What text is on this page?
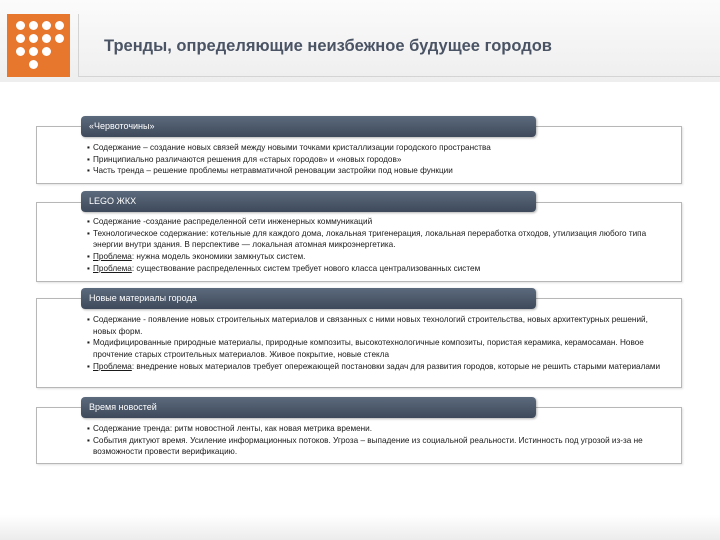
Тренды, определяющие неизбежное будущее городов
«Червоточины»
▪ Содержание – создание новых связей между новыми точками кристаллизации городского пространства
▪ Принципиально различаются решения для «старых городов» и «новых городов»
▪ Часть тренда – решение проблемы нетравматичной реновации застройки под новые функции
LEGO ЖКХ
▪ Содержание -создание распределенной сети инженерных коммуникаций
▪ Технологическое содержание: котельные для каждого дома, локальная тригенерация, локальная переработка отходов, утилизация любого типа энергии внутри здания. В перспективе — локальная атомная микроэнергетика.
▪ Проблема: нужна модель экономики замкнутых систем.
▪ Проблема: существование распределенных систем требует нового класса централизованных систем
Новые материалы города
▪ Содержание - появление новых строительных материалов и связанных с ними новых технологий строительства, новых архитектурных решений, новых форм.
▪ Модифицированные природные материалы, природные композиты, высокотехнологичные композиты, пористая керамика, керамосаман. Новое прочтение старых строительных материалов. Живое покрытие, новые стекла
▪ Проблема: внедрение новых материалов требует опережающей постановки задач для развития городов, которые не решить старыми материалами
Время новостей
▪ Содержание тренда: ритм новостной ленты, как новая метрика времени.
▪ События диктуют время. Усиление информационных потоков. Угроза – выпадение из социальной реальности. Истинность под угрозой из-за не возможности провести верификацию.
